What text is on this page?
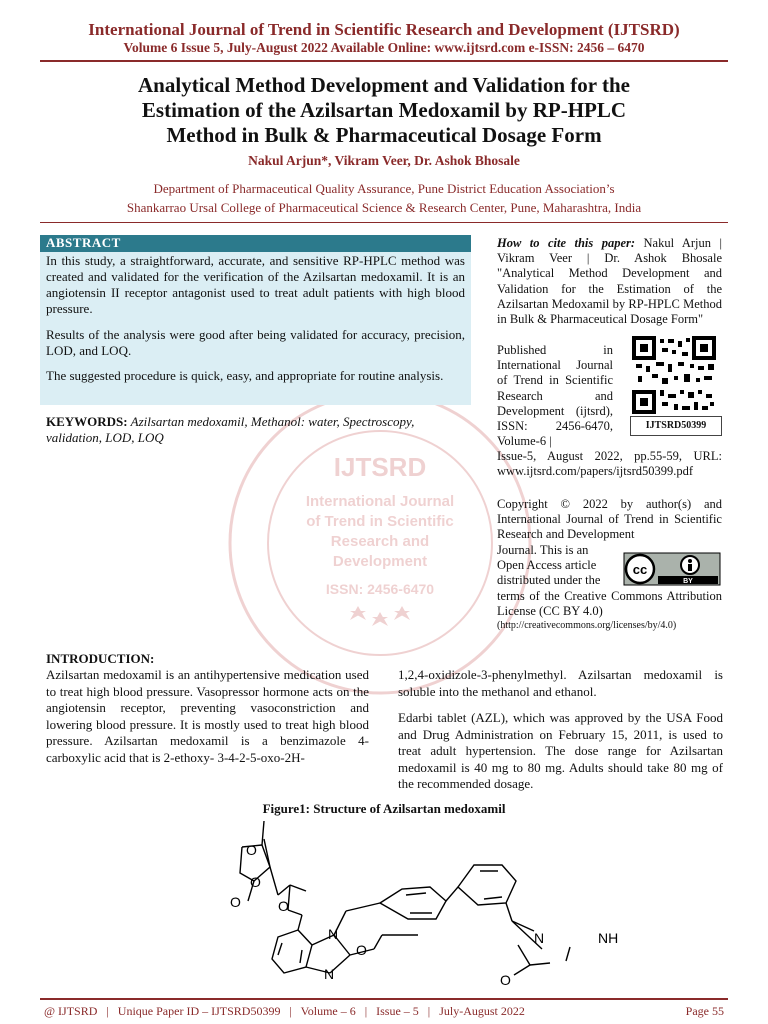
International Journal of Trend in Scientific Research and Development (IJTSRD)
Volume 6 Issue 5, July-August 2022 Available Online: www.ijtsrd.com e-ISSN: 2456 – 6470
Analytical Method Development and Validation for the
Estimation of the Azilsartan Medoxamil by RP-HPLC
Method in Bulk & Pharmaceutical Dosage Form
Nakul Arjun*, Vikram Veer, Dr. Ashok Bhosale
Department of Pharmaceutical Quality Assurance, Pune District Education Association’s
Shankarrao Ursal College of Pharmaceutical Science & Research Center, Pune, Maharashtra, India
IJTSRD
International Journal
of Trend in Scientific
Research and
Development
ISSN: 2456-6470
ABSTRACT
In this study, a straightforward, accurate, and sensitive RP-HPLC method was created and validated for the verification of the Azilsartan medoxamil. It is an angiotensin II receptor antagonist used to treat adult patients with high blood pressure.
Results of the analysis were good after being validated for accuracy, precision, LOD, and LOQ.
The suggested procedure is quick, easy, and appropriate for routine analysis.
KEYWORDS: Azilsartan medoxamil, Methanol: water, Spectroscopy, validation, LOD, LOQ
How to cite this paper: Nakul Arjun | Vikram Veer | Dr. Ashok Bhosale "Analytical Method Development and Validation for the Estimation of the Azilsartan Medoxamil by RP-HPLC Method in Bulk & Pharmaceutical Dosage Form"
Published in International Journal of Trend in Scientific Research and Development (ijtsrd), ISSN: 2456-6470, Volume-6 |
IJTSRD50399
Issue-5, August 2022, pp.55-59, URL: www.ijtsrd.com/papers/ijtsrd50399.pdf
Copyright © 2022 by author(s) and International Journal of Trend in Scientific Research and Development
Journal. This is an Open Access article distributed under the
cc
BY
terms of the Creative Commons Attribution License (CC BY 4.0)
(http://creativecommons.org/licenses/by/4.0)
INTRODUCTION:
Azilsartan medoxamil is an antihypertensive medication used to treat high blood pressure. Vasopressor hormone acts on the angiotensin receptor, preventing vasoconstriction and lowering blood pressure. It is mostly used to treat high blood pressure. Azilsartan medoxamil is a benzimazole 4-carboxylic acid that is 2-ethoxy- 3-4-2-5-oxo-2H-
1,2,4-oxidizole-3-phenylmethyl. Azilsartan medoxamil is soluble into the methanol and ethanol.
Edarbi tablet (AZL), which was approved by the USA Food and Drug Administration on February 15, 2011, is used to treat adult hypertension. The dose range for Azilsartan medoxamil is 40 mg to 80 mg. Adults should take 80 mg of the recommended dosage.
Figure1: Structure of Azilsartan medoxamil
O
O
O
O
O
O
N
N
N	NH
@ IJTSRD   |   Unique Paper ID – IJTSRD50399   |   Volume – 6   |   Issue – 5   |   July-August 2022	Page 55
